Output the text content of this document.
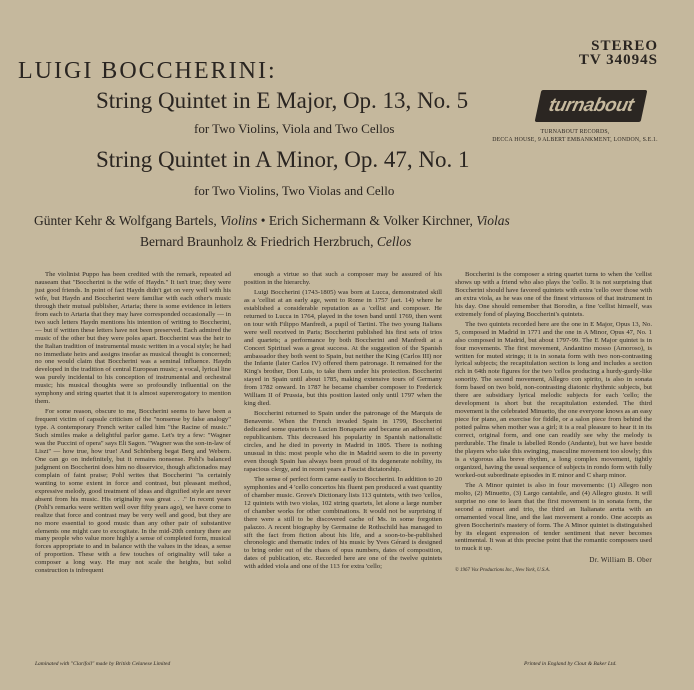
STEREO
TV 34094S
LUIGI BOCCHERINI:
String Quintet in E Major, Op. 13, No. 5
for Two Violins, Viola and Two Cellos
String Quintet in A Minor, Op. 47, No. 1
for Two Violins, Two Violas and Cello
turnabout
TURNABOUT RECORDS,
DECCA HOUSE, 9 ALBERT EMBANKMENT, LONDON, S.E.1.
Günter Kehr & Wolfgang Bartels, Violins • Erich Sichermann & Volker Kirchner, Violas
Bernard Braunholz & Friedrich Herzbruch, Cellos

The violinist Puppo has been credited with the remark, repeated ad nauseam that "Boccherini is the wife of Haydn." It isn't true; they were just good friends. In point of fact Haydn didn't get on very well with his wife, but Haydn and Boccherini were familiar with each other's music through their mutual publisher, Artaria; there is some evidence in letters from each to Artaria that they may have corresponded occasionally — in two such letters Haydn mentions his intention of writing to Boccherini, — but if written these letters have not been preserved. Each admired the music of the other but they were poles apart. Boccherini was the heir to the Italian tradition of instrumental music written in a vocal style; he had no immediate heirs and assigns insofar as musical thought is concerned; no one would claim that Boccherini was a seminal influence. Haydn developed in the tradition of central European music; a vocal, lyrical line was purely incidental to his conception of instrumental and orchestral music; his musical thoughts were so profoundly influential on the symphony and string quartet that it is almost supererogatory to mention them.

For some reason, obscure to me, Boccherini seems to have been a frequent victim of capsule criticism of the "nonsense by false analogy" type. A contemporary French writer called him "the Racine of music." Such similes make a delightful parlor game. Let's try a few: "Wagner was the Puccini of opera" says Eli Sagon. "Wagner was the son-in-law of Liszt" — how true, how true! And Schönberg begat Berg and Webern. One can go on indefinitely, but it remains nonsense. Pohl's balanced judgment on Boccherini does him no disservice, though aficionados may complain of faint praise; Pohl writes that Boccherini "is certainly wanting to some extent in force and contrast, but pleasant method, expressive melody, good treatment of ideas and dignified style are never absent from his music. His originality was great . . ." In recent years (Pohl's remarks were written well over fifty years ago), we have come to realize that force and contrast may be very well and good, but they are no more essential to good music than any other pair of substantive elements one might care to excogitate. In the mid-20th century there are many people who value more highly a sense of completed form, musical forces appropriate to and in balance with the values in the ideas, a sense of proportion. These with a few touches of originality will take a composer a long way. He may not scale the heights, but solid construction is infrequent

enough a virtue so that such a composer may be assured of his position in the hierarchy.

Luigi Boccherini (1743-1805) was born at Lucca, demonstrated skill as a 'cellist at an early age, went to Rome in 1757 (aet. 14) where he established a considerable reputation as a 'cellist and composer. He returned to Lucca in 1764, played in the town band until 1769, then went on tour with Filippo Manfredi, a pupil of Tartini. The two young Italians were well received in Paris; Boccherini published his first sets of trios and quartets; a performance by both Boccherini and Manfredi at a Concert Spirituel was a great success. At the suggestion of the Spanish ambassador they both went to Spain, but neither the King (Carlos III) nor the Infante (later Carlos IV) offered them patronage. It remained for the King's brother, Don Luis, to take them under his protection. Boccherini stayed in Spain until about 1785, making extensive tours of Germany from 1782 onward. In 1787 he became chamber composer to Frederick William II of Prussia, but this position lasted only until 1797 when the king died.

Boccherini returned to Spain under the patronage of the Marquis de Benavente. When the French invaded Spain in 1799, Boccherini dedicated some quartets to Lucien Bonaparte and became an adherent of republicanism. This decreased his popularity in Spanish nationalistic circles, and he died in poverty in Madrid in 1805. There is nothing unusual in this: most people who die in Madrid seem to die in poverty even though Spain has always been proud of its degenerate nobility, its rapacious clergy, and in recent years a Fascist dictatorship.

The sense of perfect form came easily to Boccherini. In addition to 20 symphonies and 4 'cello concertos his fluent pen produced a vast quantity of chamber music. Grove's Dictionary lists 113 quintets, with two 'cellos, 12 quintets with two violas, 102 string quartets, let alone a large number of chamber works for other combinations. It would not be surprising if there were a still to be discovered cache of Ms. in some forgotten palazzo. A recent biography by Germaine de Rothschild has managed to sift the fact from fiction about his life, and a soon-to-be-published chronologic and thematic index of his music by Yves Gérard is designed to bring order out of the chaos of opus numbers, dates of composition, dates of publication, etc. Recorded here are one of the twelve quintets with added viola and one of the 113 for extra 'cello;

Boccherini is the composer a string quartet turns to when the 'cellist shows up with a friend who also plays the 'cello. It is not surprising that Boccherini should have favored quintets with extra 'cello over those with an extra viola, as he was one of the finest virtuosos of that instrument in his day. One should remember that Borodin, a fine 'cellist himself, was extremely fond of playing Boccherini's quintets.

The two quintets recorded here are the one in E Major, Opus 13, No. 5, composed in Madrid in 1771 and the one in A Minor, Opus 47, No. 1 also composed in Madrid, but about 1797-99. The E Major quintet is in four movements. The first movement, Andantino mosso (Amoroso), is written for muted strings; it is in sonata form with two non-contrasting lyrical subjects; the recapitulation section is long and includes a section rich in 64th note figures for the two 'cellos producing a hurdy-gurdy-like sonority. The second movement, Allegro con spirito, is also in sonata form based on two bold, non-contrasting diatonic rhythmic subjects, but there are subsidiary lyrical melodic subjects for each 'cello; the development is short but the recapitulation extended. The third movement is the celebrated Minuetto, the one everyone knows as an easy piece for piano, an exercise for fiddle, or a salon piece from behind the potted palms when mother was a girl; it is a real pleasure to hear it in its correct, original form, and one can readily see why the melody is perdurable. The finale is labelled Rondo (Andante), but we have beside the players who take this swinging, masculine movement too slowly; this is a vigorous alla breve rhythm, a long complex movement, tightly organized, having the usual sequence of subjects in rondo form with fully worked-out subordinate episodes in E minor and C sharp minor.

The A Minor quintet is also in four movements: (1) Allegro non molto, (2) Minuetto, (3) Largo cantabile, and (4) Allegro giusto. It will surprise no one to learn that the first movement is in sonata form, the second a minuet and trio, the third an Italianate aretta with an ornamented vocal line, and the last movement a rondo. One accepts as given Boccherini's mastery of form. The A Minor quintet is distinguished by its elegant expression of tender sentiment that never becomes sentimental. It was at this precise point that the romantic composers used to muck it up.

Dr. William B. Ober
© 1967 Vox Productions Inc., New York, U.S.A.
Laminated with "Clarifoil" made by British Celanese Limited	Printed in England by Clout & Baker Ltd.
